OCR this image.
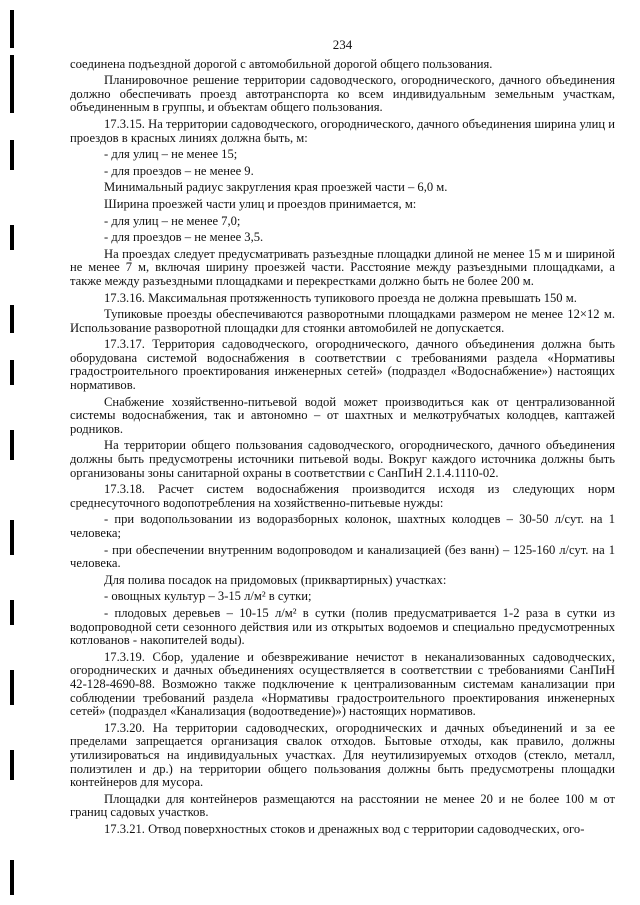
234

соединена подъездной дорогой с автомобильной дорогой общего пользования.

Планировочное решение территории садоводческого, огороднического, дачного объединения должно обеспечивать проезд автотранспорта ко всем индивидуальным земельным участкам, объединенным в группы, и объектам общего пользования.

17.3.15. На территории садоводческого, огороднического, дачного объединения ширина улиц и проездов в красных линиях должна быть, м:

- для улиц – не менее 15;

- для проездов – не менее 9.

Минимальный радиус закругления края проезжей части – 6,0 м.

Ширина проезжей части улиц и проездов принимается, м:

- для улиц – не менее 7,0;

- для проездов – не менее 3,5.

На проездах следует предусматривать разъездные площадки длиной не менее 15 м и шириной не менее 7 м, включая ширину проезжей части. Расстояние между разъездными площадками, а также между разъездными площадками и перекрестками должно быть не более 200 м.

17.3.16. Максимальная протяженность тупикового проезда не должна превышать 150 м.

Тупиковые проезды обеспечиваются разворотными площадками размером не менее 12×12 м. Использование разворотной площадки для стоянки автомобилей не допускается.

17.3.17. Территория садоводческого, огороднического, дачного объединения должна быть оборудована системой водоснабжения в соответствии с требованиями раздела «Нормативы градостроительного проектирования инженерных сетей» (подраздел «Водоснабжение») настоящих нормативов.

Снабжение хозяйственно-питьевой водой может производиться как от централизованной системы водоснабжения, так и автономно – от шахтных и мелкотрубчатых колодцев, каптажей родников.

На территории общего пользования садоводческого, огороднического, дачного объединения должны быть предусмотрены источники питьевой воды. Вокруг каждого источника должны быть организованы зоны санитарной охраны в соответствии с СанПиН 2.1.4.1110-02.

17.3.18. Расчет систем водоснабжения производится исходя из следующих норм среднесуточного водопотребления на хозяйственно-питьевые нужды:

- при водопользовании из водоразборных колонок, шахтных колодцев – 30-50 л/сут. на 1 человека;

- при обеспечении внутренним водопроводом и канализацией (без ванн) – 125-160 л/сут. на 1 человека.

Для полива посадок на придомовых (приквартирных) участках:

- овощных культур – 3-15 л/м² в сутки;

- плодовых деревьев – 10-15 л/м² в сутки (полив предусматривается 1-2 раза в сутки из водопроводной сети сезонного действия или из открытых водоемов и специально предусмотренных котлованов - накопителей воды).

17.3.19. Сбор, удаление и обезвреживание нечистот в неканализованных садоводческих, огороднических и дачных объединениях осуществляется в соответствии с требованиями СанПиН 42-128-4690-88. Возможно также подключение к централизованным системам канализации при соблюдении требований раздела «Нормативы градостроительного проектирования инженерных сетей» (подраздел «Канализация (водоотведение)») настоящих нормативов.

17.3.20. На территории садоводческих, огороднических и дачных объединений и за ее пределами запрещается организация свалок отходов. Бытовые отходы, как правило, должны утилизироваться на индивидуальных участках. Для неутилизируемых отходов (стекло, металл, полиэтилен и др.) на территории общего пользования должны быть предусмотрены площадки контейнеров для мусора.

Площадки для контейнеров размещаются на расстоянии не менее 20 и не более 100 м от границ садовых участков.

17.3.21. Отвод поверхностных стоков и дренажных вод с территории садоводческих, ого-
